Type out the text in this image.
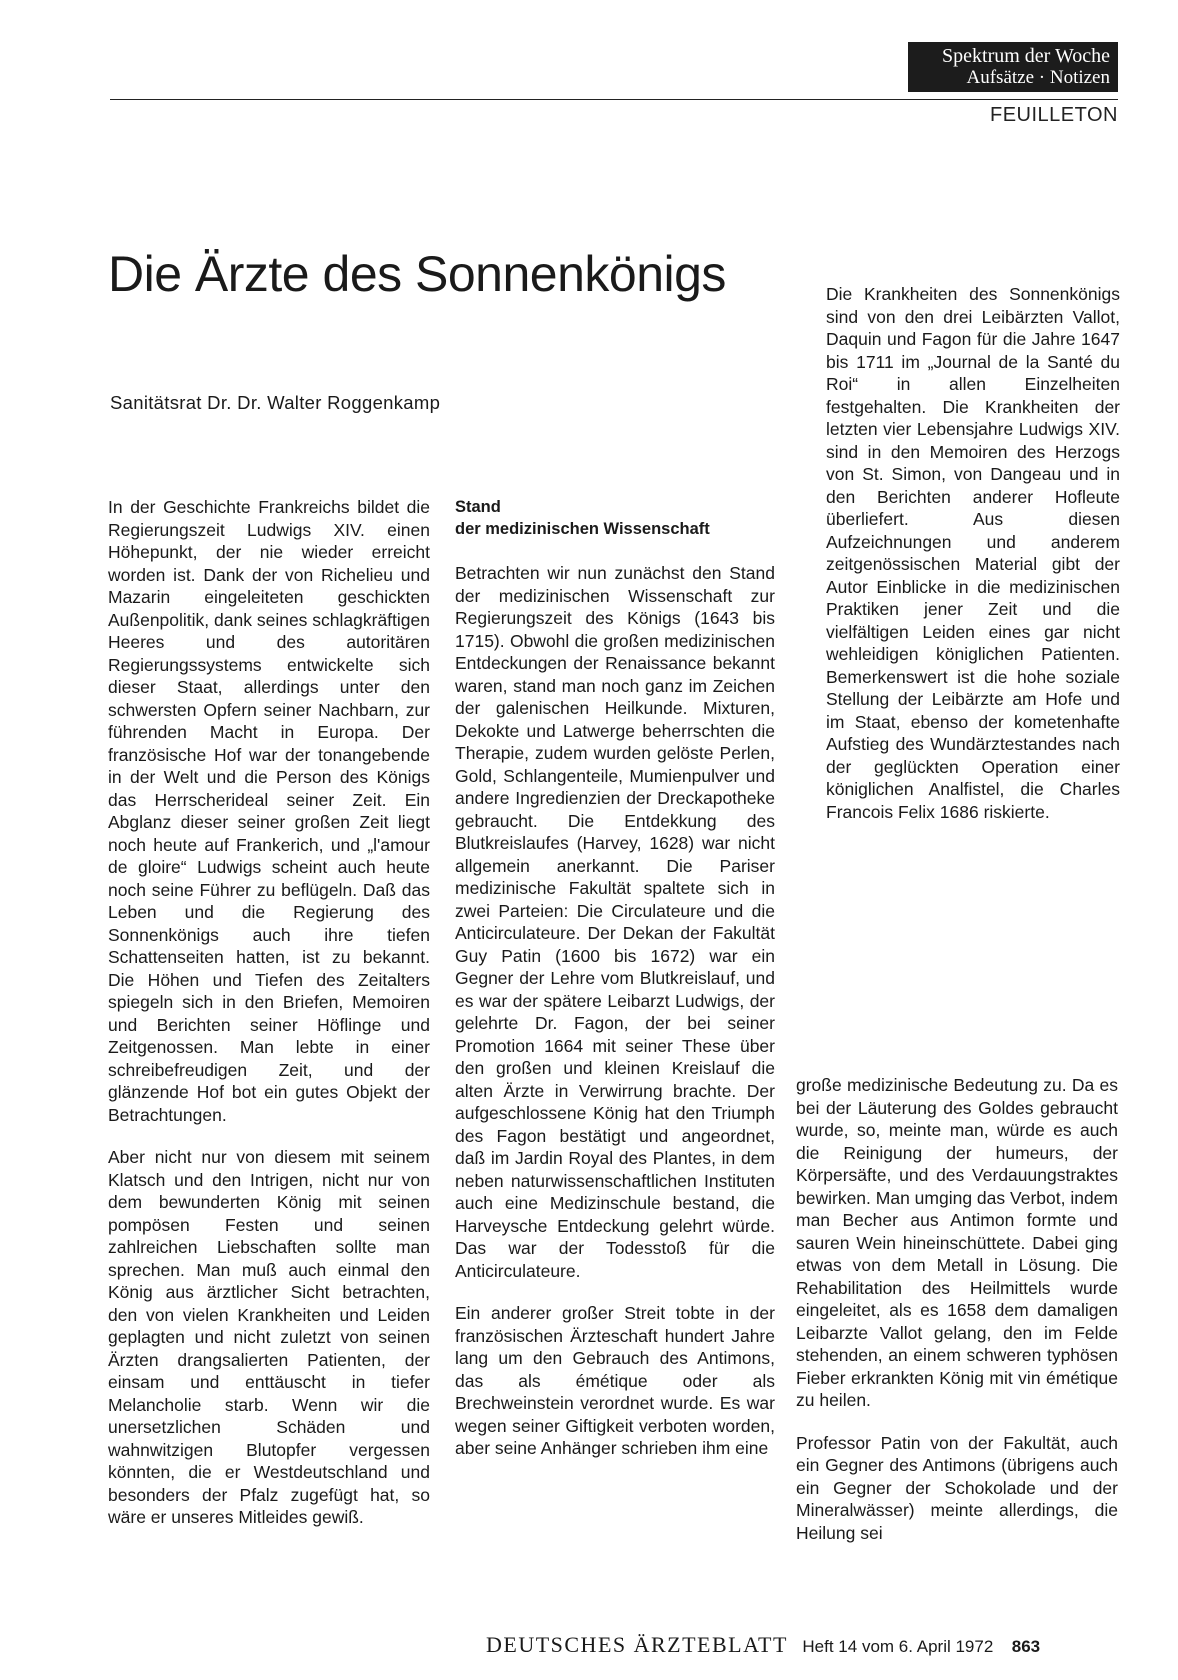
Spektrum der Woche
Aufsätze · Notizen
FEUILLETON
Die Ärzte des Sonnenkönigs
Sanitätsrat Dr. Dr. Walter Roggenkamp

Die Krankheiten des Sonnenkönigs sind von den drei Leibärzten Vallot, Daquin und Fagon für die Jahre 1647 bis 1711 im „Journal de la Santé du Roi“ in allen Einzelheiten festgehalten. Die Krankheiten der letzten vier Lebensjahre Ludwigs XIV. sind in den Memoiren des Herzogs von St. Simon, von Dangeau und in den Berichten anderer Hofleute überliefert. Aus diesen Aufzeichnungen und anderem zeitgenössischen Material gibt der Autor Einblicke in die medizinischen Praktiken jener Zeit und die vielfältigen Leiden eines gar nicht wehleidigen königlichen Patienten. Bemerkenswert ist die hohe soziale Stellung der Leibärzte am Hofe und im Staat, ebenso der kometenhafte Aufstieg des Wundärztestandes nach der geglückten Operation einer königlichen Analfistel, die Charles Francois Felix 1686 riskierte.

In der Geschichte Frankreichs bildet die Regierungszeit Ludwigs XIV. einen Höhepunkt, der nie wieder erreicht worden ist. Dank der von Richelieu und Mazarin eingeleiteten geschickten Außenpolitik, dank seines schlagkräftigen Heeres und des autoritären Regierungssystems entwickelte sich dieser Staat, allerdings unter den schwersten Opfern seiner Nachbarn, zur führenden Macht in Europa. Der französische Hof war der tonangebende in der Welt und die Person des Königs das Herrscherideal seiner Zeit. Ein Abglanz dieser seiner großen Zeit liegt noch heute auf Frankerich, und „l'amour de gloire“ Ludwigs scheint auch heute noch seine Führer zu beflügeln. Daß das Leben und die Regierung des Sonnenkönigs auch ihre tiefen Schattenseiten hatten, ist zu bekannt. Die Höhen und Tiefen des Zeitalters spiegeln sich in den Briefen, Memoiren und Berichten seiner Höflinge und Zeitgenossen. Man lebte in einer schreibefreudigen Zeit, und der glänzende Hof bot ein gutes Objekt der Betrachtungen.

Aber nicht nur von diesem mit seinem Klatsch und den Intrigen, nicht nur von dem bewunderten König mit seinen pompösen Festen und seinen zahlreichen Liebschaften sollte man sprechen. Man muß auch einmal den König aus ärztlicher Sicht betrachten, den von vielen Krankheiten und Leiden geplagten und nicht zuletzt von seinen Ärzten drangsalierten Patienten, der einsam und enttäuscht in tiefer Melancholie starb. Wenn wir die unersetzlichen Schäden und wahnwitzigen Blutopfer vergessen könnten, die er Westdeutschland und besonders der Pfalz zugefügt hat, so wäre er unseres Mitleides gewiß.

Stand
der medizinischen Wissenschaft

Betrachten wir nun zunächst den Stand der medizinischen Wissenschaft zur Regierungszeit des Königs (1643 bis 1715). Obwohl die großen medizinischen Entdeckungen der Renaissance bekannt waren, stand man noch ganz im Zeichen der galenischen Heilkunde. Mixturen, Dekokte und Latwerge beherrschten die Therapie, zudem wurden gelöste Perlen, Gold, Schlangenteile, Mumienpulver und andere Ingredienzien der Dreckapotheke gebraucht. Die Entdekkung des Blutkreislaufes (Harvey, 1628) war nicht allgemein anerkannt. Die Pariser medizinische Fakultät spaltete sich in zwei Parteien: Die Circulateure und die Anticirculateure. Der Dekan der Fakultät Guy Patin (1600 bis 1672) war ein Gegner der Lehre vom Blutkreislauf, und es war der spätere Leibarzt Ludwigs, der gelehrte Dr. Fagon, der bei seiner Promotion 1664 mit seiner These über den großen und kleinen Kreislauf die alten Ärzte in Verwirrung brachte. Der aufgeschlossene König hat den Triumph des Fagon bestätigt und angeordnet, daß im Jardin Royal des Plantes, in dem neben naturwissenschaftlichen Instituten auch eine Medizinschule bestand, die Harveysche Entdeckung gelehrt würde. Das war der Todesstoß für die Anticirculateure.

Ein anderer großer Streit tobte in der französischen Ärzteschaft hundert Jahre lang um den Gebrauch des Antimons, das als émétique oder als Brechweinstein verordnet wurde. Es war wegen seiner Giftigkeit verboten worden, aber seine Anhänger schrieben ihm eine

große medizinische Bedeutung zu. Da es bei der Läuterung des Goldes gebraucht wurde, so, meinte man, würde es auch die Reinigung der humeurs, der Körpersäfte, und des Verdauungstraktes bewirken. Man umging das Verbot, indem man Becher aus Antimon formte und sauren Wein hineinschüttete. Dabei ging etwas von dem Metall in Lösung. Die Rehabilitation des Heilmittels wurde eingeleitet, als es 1658 dem damaligen Leibarzte Vallot gelang, den im Felde stehenden, an einem schweren typhösen Fieber erkrankten König mit vin émétique zu heilen.

Professor Patin von der Fakultät, auch ein Gegner des Antimons (übrigens auch ein Gegner der Schokolade und der Mineralwässer) meinte allerdings, die Heilung sei

DEUTSCHES ÄRZTEBLATT Heft 14 vom 6. April 1972 863
